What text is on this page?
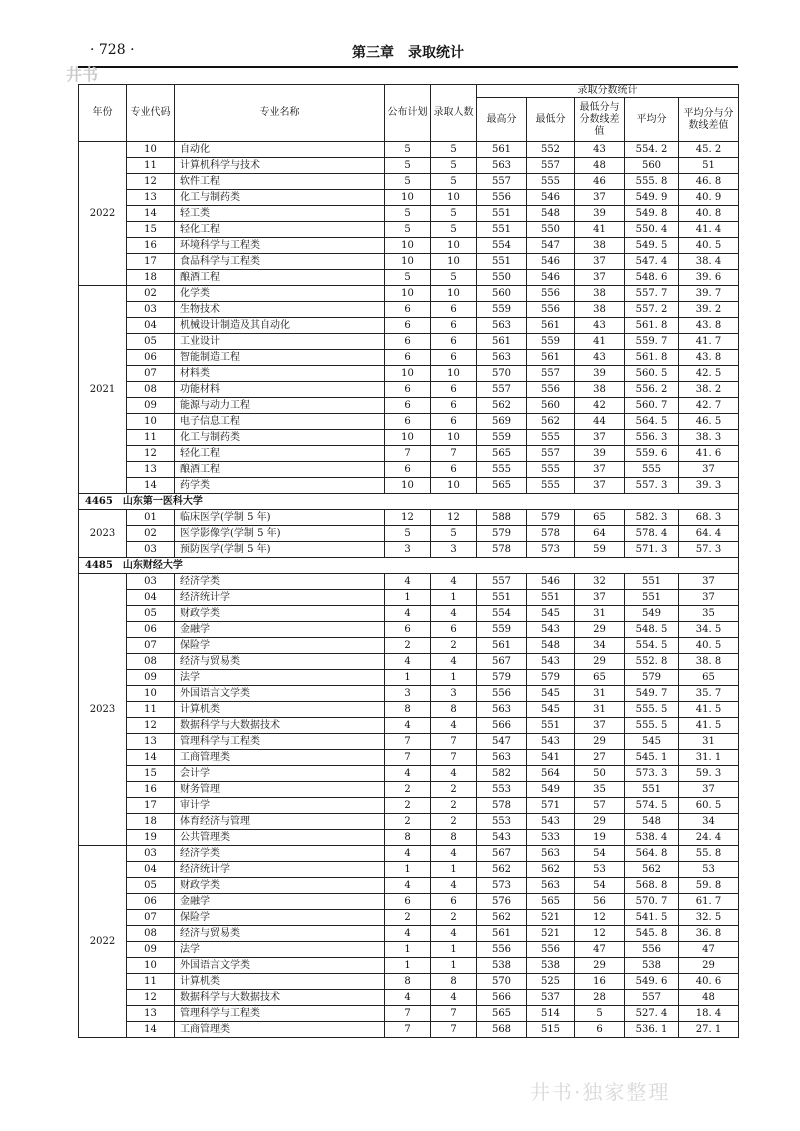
· 728 ·	第三章　录取统计
井书
年份	专业代码	专业名称	公布计划	录取人数	录取分数统计				
					最高分	最低分	最低分与分数线差值	平均分	平均分与分数线差值
2022	10	自动化	5	5	561	552	43	554. 2	45. 2
	11	计算机科学与技术	5	5	563	557	48	560	51
	12	软件工程	5	5	557	555	46	555. 8	46. 8
	13	化工与制药类	10	10	556	546	37	549. 9	40. 9
	14	轻工类	5	5	551	548	39	549. 8	40. 8
	15	轻化工程	5	5	551	550	41	550. 4	41. 4
	16	环境科学与工程类	10	10	554	547	38	549. 5	40. 5
	17	食品科学与工程类	10	10	551	546	37	547. 4	38. 4
	18	酿酒工程	5	5	550	546	37	548. 6	39. 6
2021	02	化学类	10	10	560	556	38	557. 7	39. 7
	03	生物技术	6	6	559	556	38	557. 2	39. 2
	04	机械设计制造及其自动化	6	6	563	561	43	561. 8	43. 8
	05	工业设计	6	6	561	559	41	559. 7	41. 7
	06	智能制造工程	6	6	563	561	43	561. 8	43. 8
	07	材料类	10	10	570	557	39	560. 5	42. 5
	08	功能材料	6	6	557	556	38	556. 2	38. 2
	09	能源与动力工程	6	6	562	560	42	560. 7	42. 7
	10	电子信息工程	6	6	569	562	44	564. 5	46. 5
	11	化工与制药类	10	10	559	555	37	556. 3	38. 3
	12	轻化工程	7	7	565	557	39	559. 6	41. 6
	13	酿酒工程	6	6	555	555	37	555	37
	14	药学类	10	10	565	555	37	557. 3	39. 3
4465　山东第一医科大学									
2023	01	临床医学(学制 5 年)	12	12	588	579	65	582. 3	68. 3
	02	医学影像学(学制 5 年)	5	5	579	578	64	578. 4	64. 4
	03	预防医学(学制 5 年)	3	3	578	573	59	571. 3	57. 3
4485　山东财经大学									
2023	03	经济学类	4	4	557	546	32	551	37
	04	经济统计学	1	1	551	551	37	551	37
	05	财政学类	4	4	554	545	31	549	35
	06	金融学	6	6	559	543	29	548. 5	34. 5
	07	保险学	2	2	561	548	34	554. 5	40. 5
	08	经济与贸易类	4	4	567	543	29	552. 8	38. 8
	09	法学	1	1	579	579	65	579	65
	10	外国语言文学类	3	3	556	545	31	549. 7	35. 7
	11	计算机类	8	8	563	545	31	555. 5	41. 5
	12	数据科学与大数据技术	4	4	566	551	37	555. 5	41. 5
	13	管理科学与工程类	7	7	547	543	29	545	31
	14	工商管理类	7	7	563	541	27	545. 1	31. 1
	15	会计学	4	4	582	564	50	573. 3	59. 3
	16	财务管理	2	2	553	549	35	551	37
	17	审计学	2	2	578	571	57	574. 5	60. 5
	18	体育经济与管理	2	2	553	543	29	548	34
	19	公共管理类	8	8	543	533	19	538. 4	24. 4
2022	03	经济学类	4	4	567	563	54	564. 8	55. 8
	04	经济统计学	1	1	562	562	53	562	53
	05	财政学类	4	4	573	563	54	568. 8	59. 8
	06	金融学	6	6	576	565	56	570. 7	61. 7
	07	保险学	2	2	562	521	12	541. 5	32. 5
	08	经济与贸易类	4	4	561	521	12	545. 8	36. 8
	09	法学	1	1	556	556	47	556	47
	10	外国语言文学类	1	1	538	538	29	538	29
	11	计算机类	8	8	570	525	16	549. 6	40. 6
	12	数据科学与大数据技术	4	4	566	537	28	557	48
	13	管理科学与工程类	7	7	565	514	5	527. 4	18. 4
	14	工商管理类	7	7	568	515	6	536. 1	27. 1
井书·独家整理
